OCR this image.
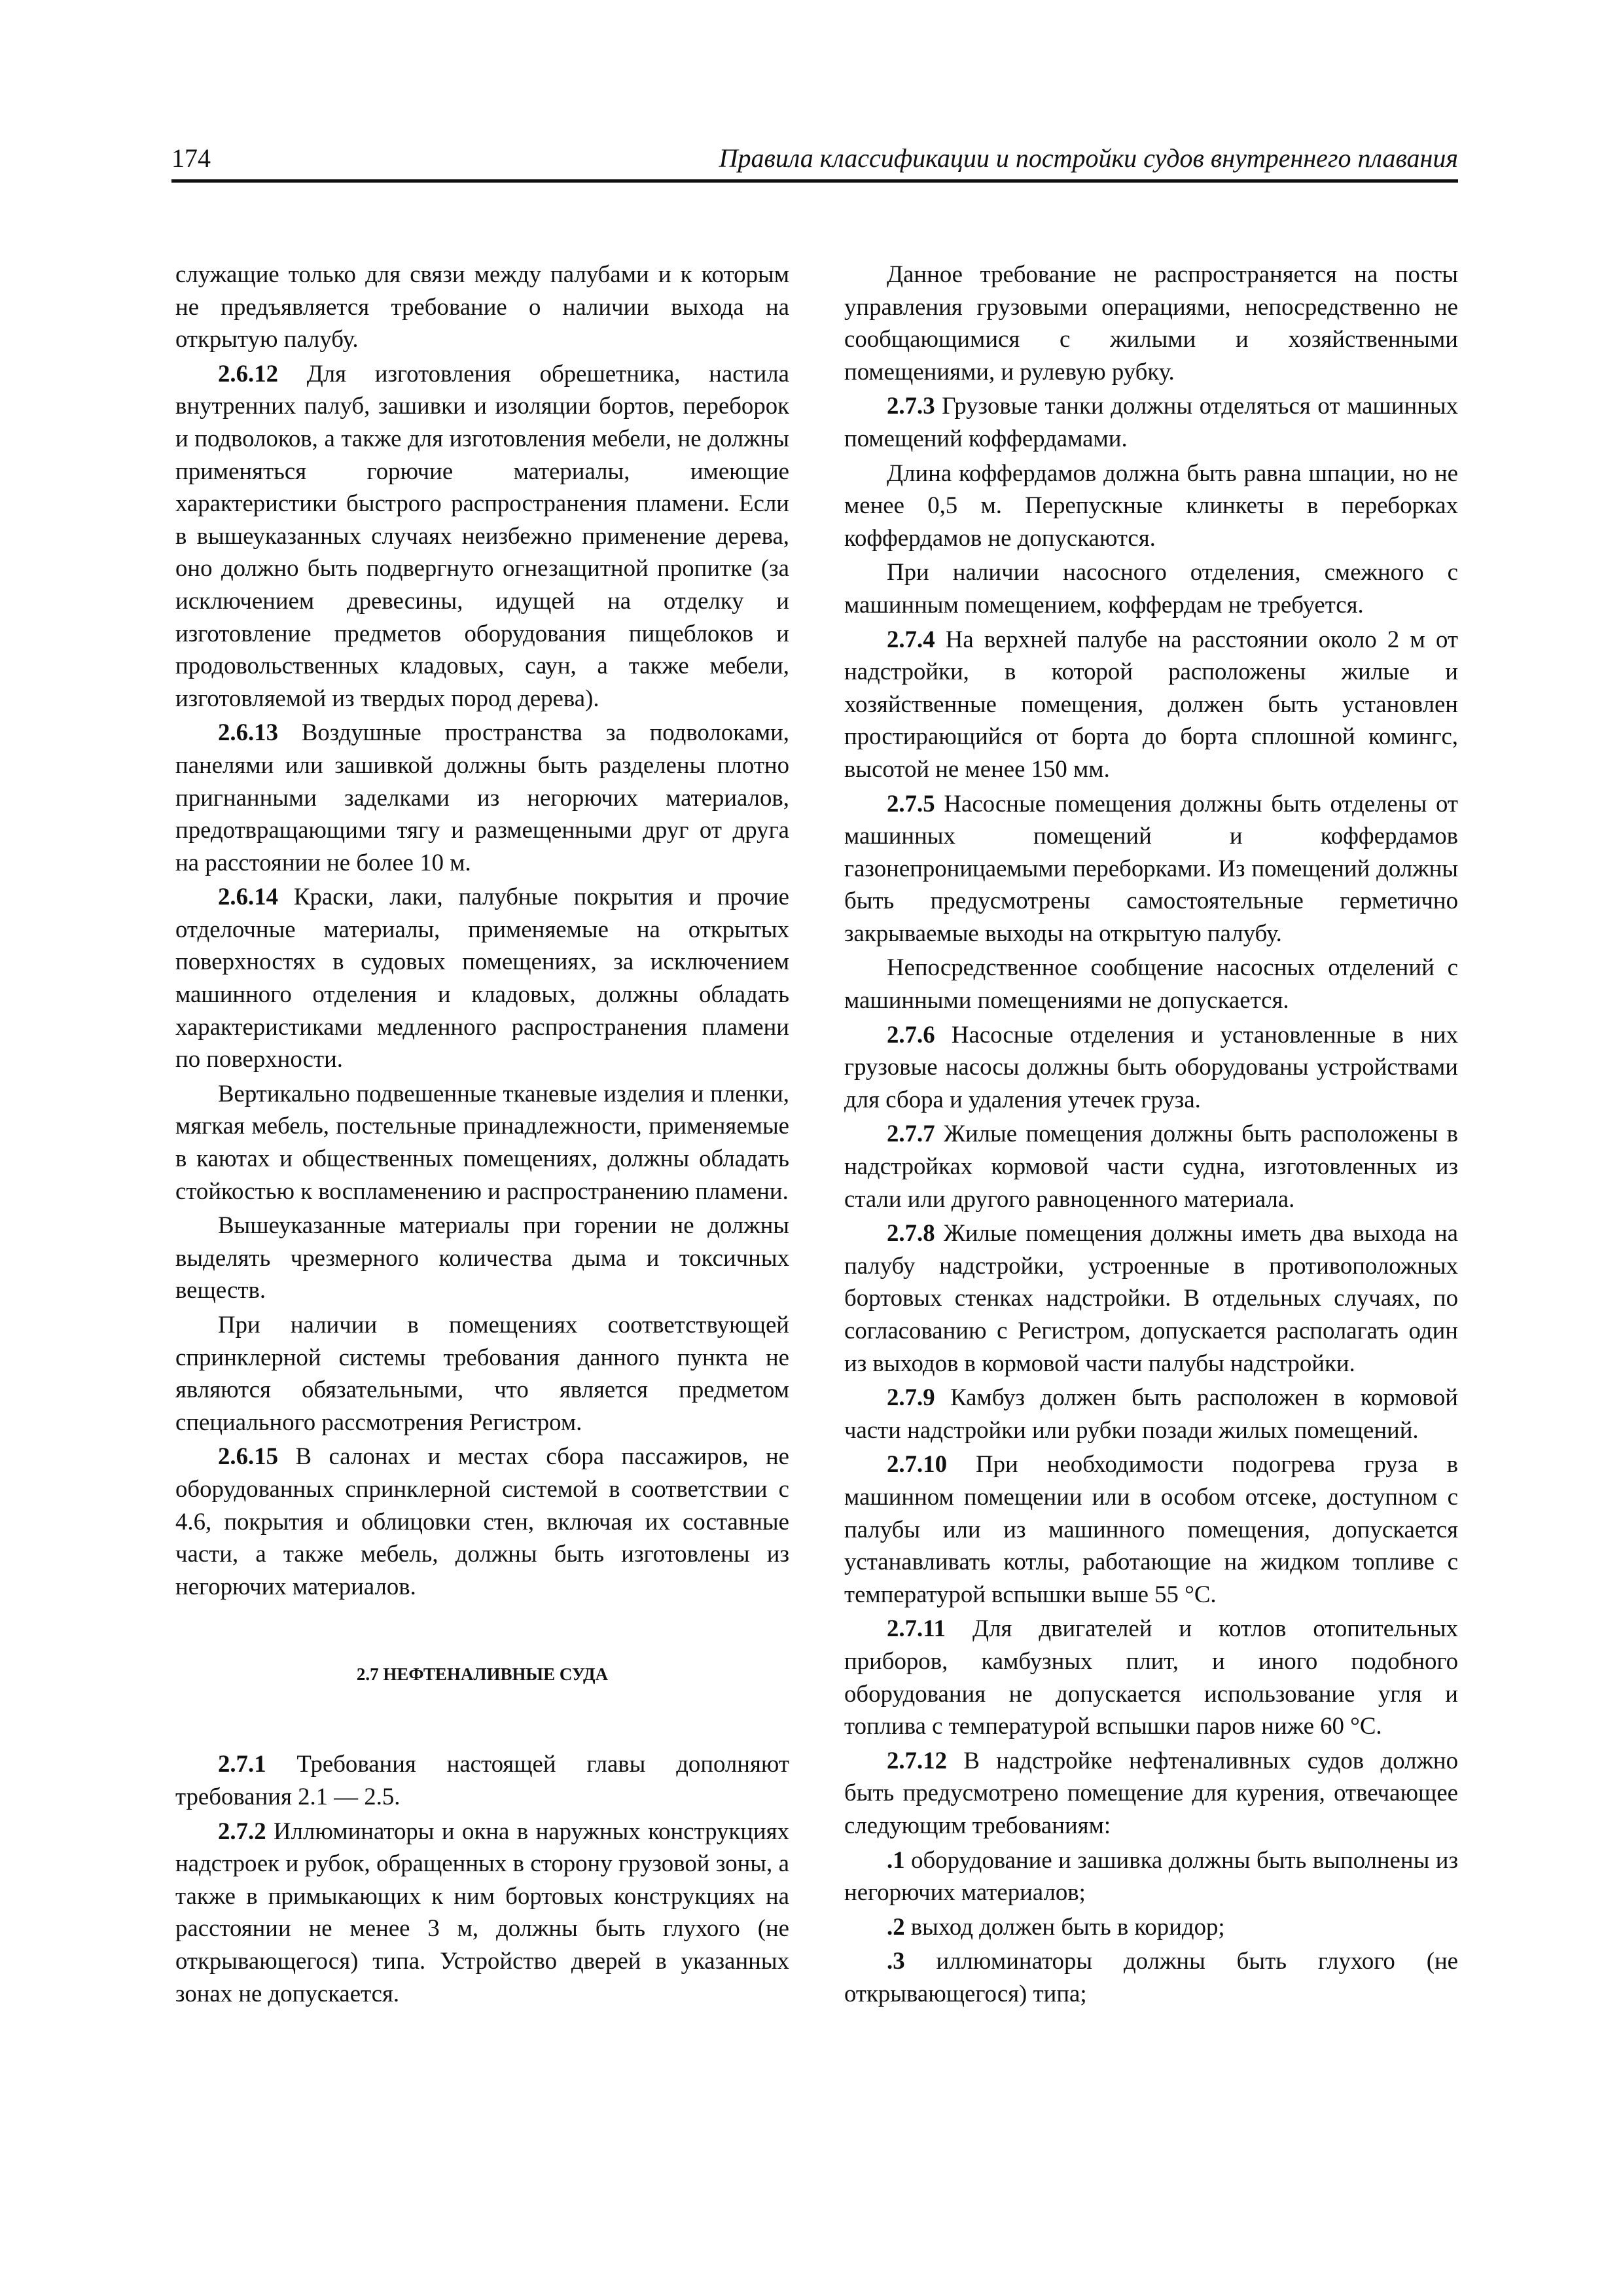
174	Правила классификации и постройки судов внутреннего плавания

служащие только для связи между палубами и к которым не предъявляется требование о наличии выхода на открытую палубу.

2.6.12 Для изготовления обрешетника, настила внутренних палуб, зашивки и изоляции бортов, переборок и подволоков, а также для изготовления мебели, не должны применяться горючие материалы, имеющие характеристики быстрого распространения пламени. Если в вышеуказанных случаях неизбежно применение дерева, оно должно быть подвергнуто огнезащитной пропитке (за исключением древесины, идущей на отделку и изготовление предметов оборудования пищеблоков и продовольственных кладовых, саун, а также мебели, изготовляемой из твердых пород дерева).

2.6.13 Воздушные пространства за подволоками, панелями или зашивкой должны быть разделены плотно пригнанными заделками из негорючих материалов, предотвращающими тягу и размещенными друг от друга на расстоянии не более 10 м.

2.6.14 Краски, лаки, палубные покрытия и прочие отделочные материалы, применяемые на открытых поверхностях в судовых помещениях, за исключением машинного отделения и кладовых, должны обладать характеристиками медленного распространения пламени по поверхности.

Вертикально подвешенные тканевые изделия и пленки, мягкая мебель, постельные принадлежности, применяемые в каютах и общественных помещениях, должны обладать стойкостью к воспламенению и распространению пламени.

Вышеуказанные материалы при горении не должны выделять чрезмерного количества дыма и токсичных веществ.

При наличии в помещениях соответствующей спринклерной системы требования данного пункта не являются обязательными, что является предметом специального рассмотрения Регистром.

2.6.15 В салонах и местах сбора пассажиров, не оборудованных спринклерной системой в соответствии с 4.6, покрытия и облицовки стен, включая их составные части, а также мебель, должны быть изготовлены из негорючих материалов.

2.7 НЕФТЕНАЛИВНЫЕ СУДА

2.7.1 Требования настоящей главы дополняют требования 2.1 — 2.5.

2.7.2 Иллюминаторы и окна в наружных конструкциях надстроек и рубок, обращенных в сторону грузовой зоны, а также в примыкающих к ним бортовых конструкциях на расстоянии не менее 3 м, должны быть глухого (не открывающегося) типа. Устройство дверей в указанных зонах не допускается.

Данное требование не распространяется на посты управления грузовыми операциями, непосредственно не сообщающимися с жилыми и хозяйственными помещениями, и рулевую рубку.

2.7.3 Грузовые танки должны отделяться от машинных помещений коффердамами.

Длина коффердамов должна быть равна шпации, но не менее 0,5 м. Перепускные клинкеты в переборках коффердамов не допускаются.

При наличии насосного отделения, смежного с машинным помещением, коффердам не требуется.

2.7.4 На верхней палубе на расстоянии около 2 м от надстройки, в которой расположены жилые и хозяйственные помещения, должен быть установлен простирающийся от борта до борта сплошной комингс, высотой не менее 150 мм.

2.7.5 Насосные помещения должны быть отделены от машинных помещений и коффердамов газонепроницаемыми переборками. Из помещений должны быть предусмотрены самостоятельные герметично закрываемые выходы на открытую палубу.

Непосредственное сообщение насосных отделений с машинными помещениями не допускается.

2.7.6 Насосные отделения и установленные в них грузовые насосы должны быть оборудованы устройствами для сбора и удаления утечек груза.

2.7.7 Жилые помещения должны быть расположены в надстройках кормовой части судна, изготовленных из стали или другого равноценного материала.

2.7.8 Жилые помещения должны иметь два выхода на палубу надстройки, устроенные в противоположных бортовых стенках надстройки. В отдельных случаях, по согласованию с Регистром, допускается располагать один из выходов в кормовой части палубы надстройки.

2.7.9 Камбуз должен быть расположен в кормовой части надстройки или рубки позади жилых помещений.

2.7.10 При необходимости подогрева груза в машинном помещении или в особом отсеке, доступном с палубы или из машинного помещения, допускается устанавливать котлы, работающие на жидком топливе с температурой вспышки выше 55 °С.

2.7.11 Для двигателей и котлов отопительных приборов, камбузных плит, и иного подобного оборудования не допускается использование угля и топлива с температурой вспышки паров ниже 60 °С.

2.7.12 В надстройке нефтеналивных судов должно быть предусмотрено помещение для курения, отвечающее следующим требованиям:

.1 оборудование и зашивка должны быть выполнены из негорючих материалов;

.2 выход должен быть в коридор;

.3 иллюминаторы должны быть глухого (не открывающегося) типа;
